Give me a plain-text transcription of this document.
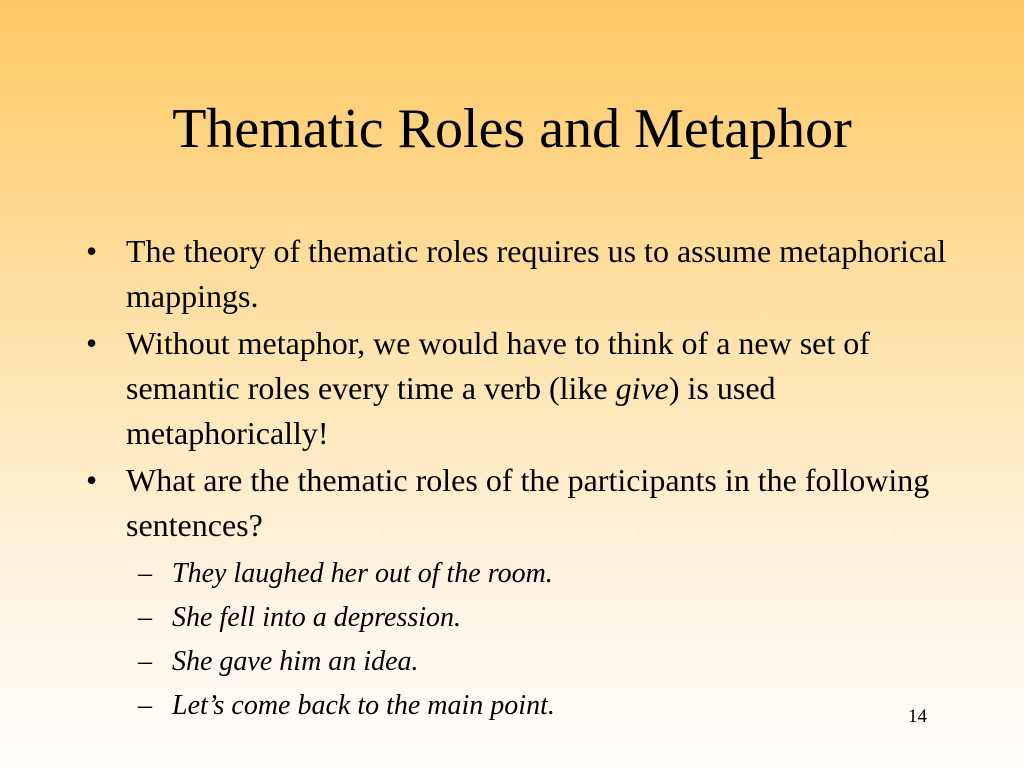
Thematic Roles and Metaphor
• The theory of thematic roles requires us to assume metaphorical mappings.
• Without metaphor, we would have to think of a new set of semantic roles every time a verb (like give) is used metaphorically!
• What are the thematic roles of the participants in the following sentences?
– They laughed her out of the room.
– She fell into a depression.
– She gave him an idea.
– Let’s come back to the main point.	14
